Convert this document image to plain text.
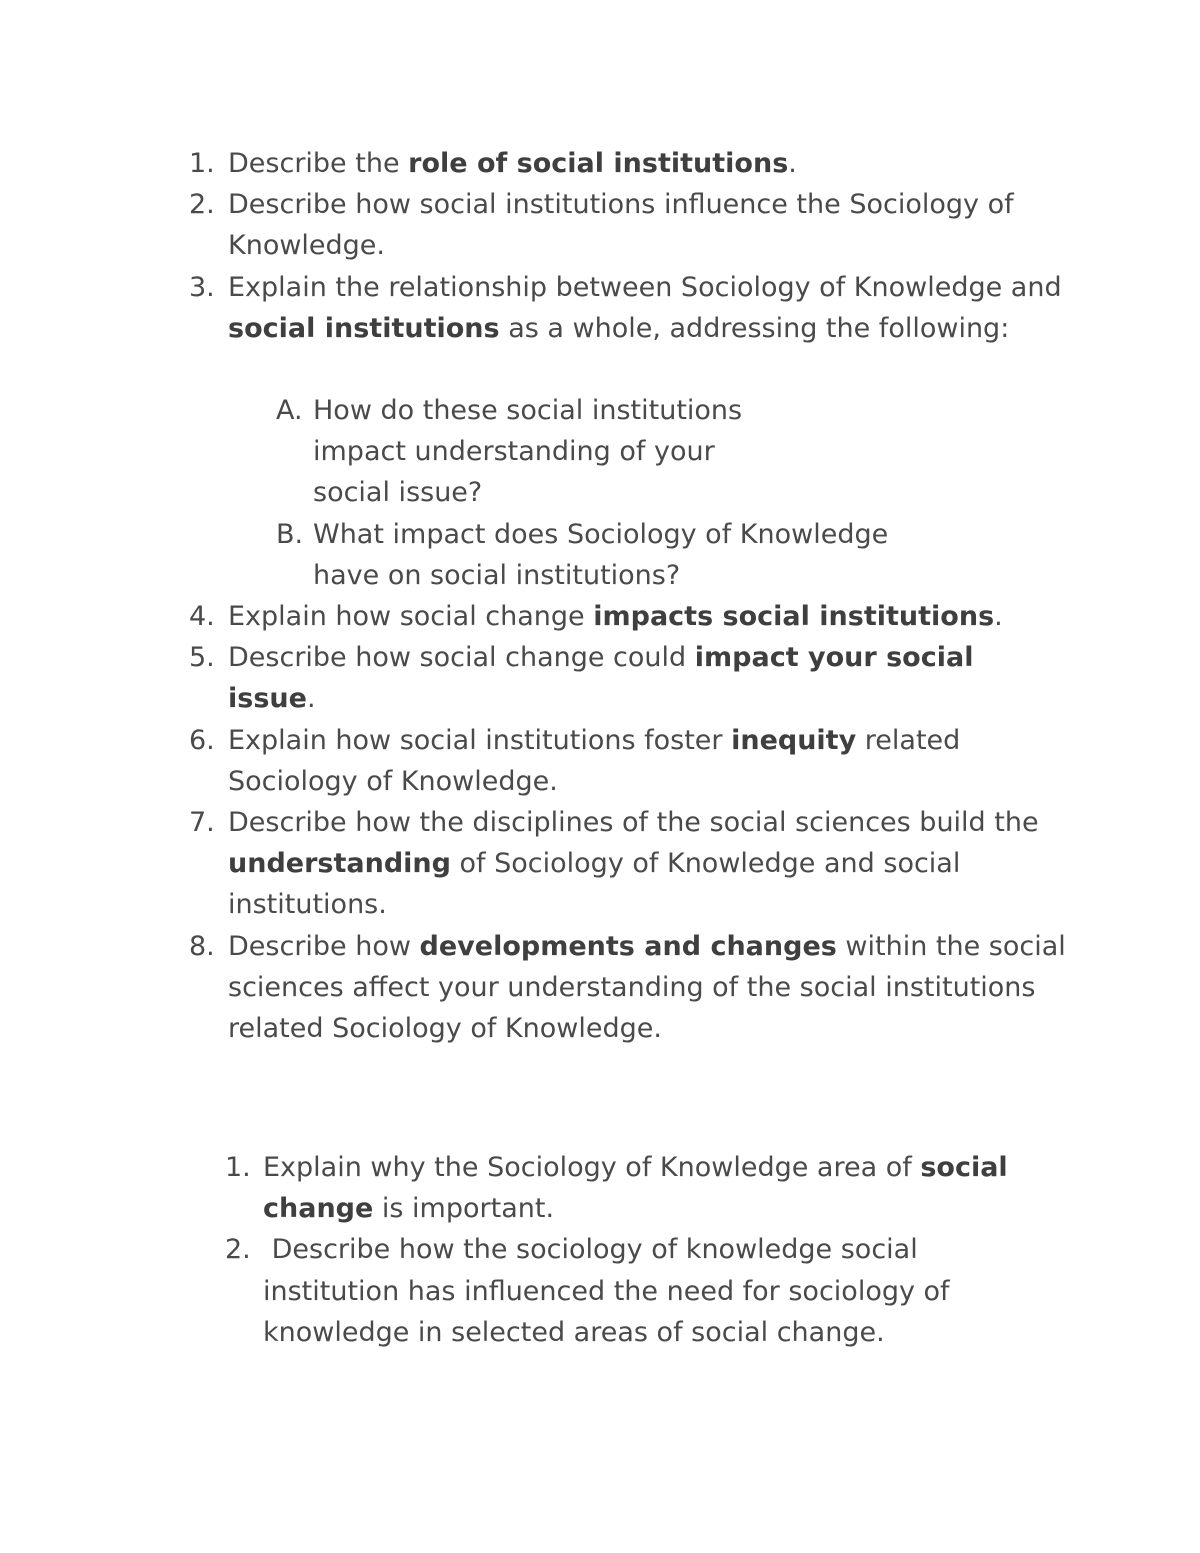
1. Describe the role of social institutions.
2. Describe how social institutions influence the Sociology of Knowledge.
3. Explain the relationship between Sociology of Knowledge and social institutions as a whole, addressing the following:
A. How do these social institutions impact understanding of your social issue?
B. What impact does Sociology of Knowledge have on social institutions?
4. Explain how social change impacts social institutions.
5. Describe how social change could impact your social issue.
6. Explain how social institutions foster inequity related Sociology of Knowledge.
7. Describe how the disciplines of the social sciences build the understanding of Sociology of Knowledge and social institutions.
8. Describe how developments and changes within the social sciences affect your understanding of the social institutions related Sociology of Knowledge.
1. Explain why the Sociology of Knowledge area of social change is important.
2. Describe how the sociology of knowledge social institution has influenced the need for sociology of knowledge in selected areas of social change.
